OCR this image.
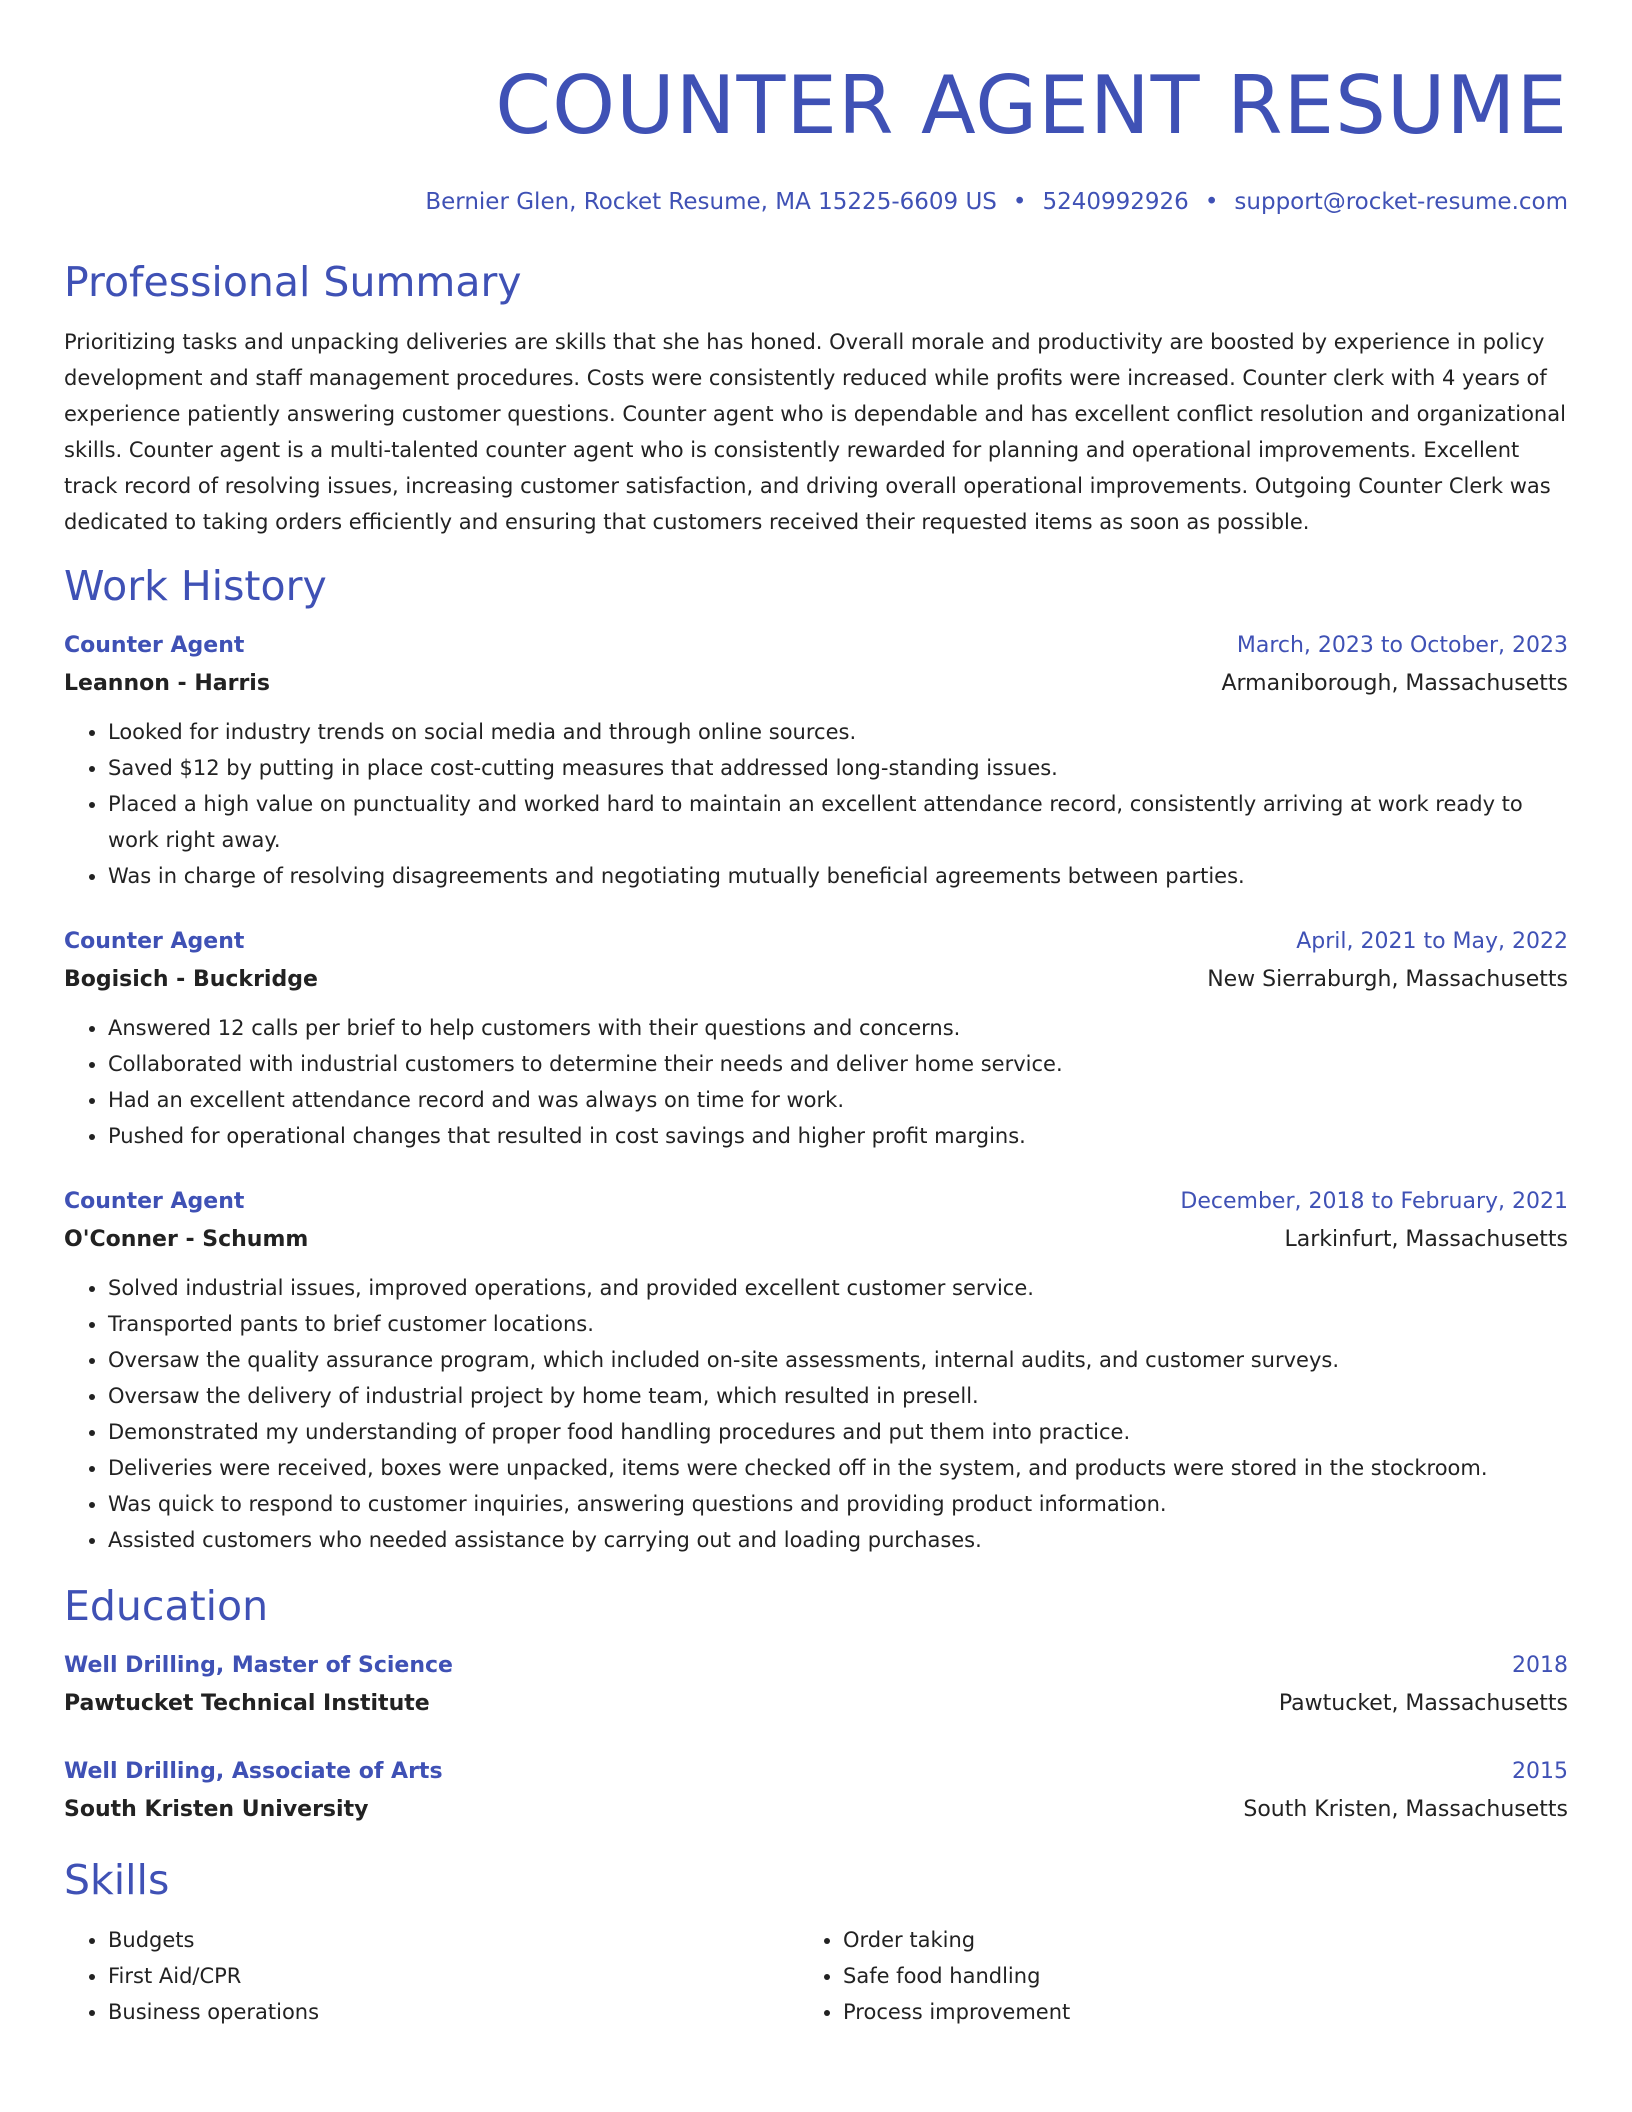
COUNTER AGENT RESUME
Bernier Glen, Rocket Resume, MA 15225-6609 US • 5240992926 • support@rocket-resume.com
Professional Summary
Prioritizing tasks and unpacking deliveries are skills that she has honed. Overall morale and productivity are boosted by experience in policy development and staff management procedures. Costs were consistently reduced while profits were increased. Counter clerk with 4 years of experience patiently answering customer questions. Counter agent who is dependable and has excellent conflict resolution and organizational skills. Counter agent is a multi-talented counter agent who is consistently rewarded for planning and operational improvements. Excellent track record of resolving issues, increasing customer satisfaction, and driving overall operational improvements. Outgoing Counter Clerk was dedicated to taking orders efficiently and ensuring that customers received their requested items as soon as possible.
Work History
Counter Agent	March, 2023 to October, 2023
Leannon - Harris	Armaniborough, Massachusetts
• Looked for industry trends on social media and through online sources.
• Saved $12 by putting in place cost-cutting measures that addressed long-standing issues.
• Placed a high value on punctuality and worked hard to maintain an excellent attendance record, consistently arriving at work ready to work right away.
• Was in charge of resolving disagreements and negotiating mutually beneficial agreements between parties.
Counter Agent	April, 2021 to May, 2022
Bogisich - Buckridge	New Sierraburgh, Massachusetts
• Answered 12 calls per brief to help customers with their questions and concerns.
• Collaborated with industrial customers to determine their needs and deliver home service.
• Had an excellent attendance record and was always on time for work.
• Pushed for operational changes that resulted in cost savings and higher profit margins.
Counter Agent	December, 2018 to February, 2021
O'Conner - Schumm	Larkinfurt, Massachusetts
• Solved industrial issues, improved operations, and provided excellent customer service.
• Transported pants to brief customer locations.
• Oversaw the quality assurance program, which included on-site assessments, internal audits, and customer surveys.
• Oversaw the delivery of industrial project by home team, which resulted in presell.
• Demonstrated my understanding of proper food handling procedures and put them into practice.
• Deliveries were received, boxes were unpacked, items were checked off in the system, and products were stored in the stockroom.
• Was quick to respond to customer inquiries, answering questions and providing product information.
• Assisted customers who needed assistance by carrying out and loading purchases.
Education
Well Drilling, Master of Science	2018
Pawtucket Technical Institute	Pawtucket, Massachusetts
Well Drilling, Associate of Arts	2015
South Kristen University	South Kristen, Massachusetts
Skills
• Budgets
• First Aid/CPR
• Business operations
• Order taking
• Safe food handling
• Process improvement
